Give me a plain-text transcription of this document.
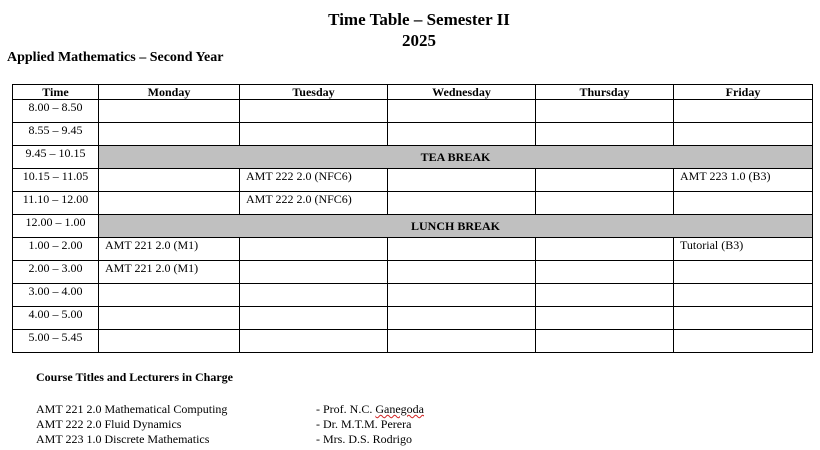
Time Table – Semester II
2025
Applied Mathematics – Second Year
Time	Monday	Tuesday	Wednesday	Thursday	Friday
8.00 – 8.50					
8.55 – 9.45					
9.45 – 10.15	TEA BREAK				
10.15 – 11.05		AMT 222 2.0 (NFC6)			AMT 223 1.0 (B3)
11.10 – 12.00		AMT 222 2.0 (NFC6)			
12.00 – 1.00	LUNCH BREAK				
1.00 – 2.00	AMT 221 2.0 (M1)				Tutorial (B3)
2.00 – 3.00	AMT 221 2.0 (M1)				
3.00 – 4.00					
4.00 – 5.00					
5.00 – 5.45					
Course Titles and Lecturers in Charge
AMT 221 2.0 Mathematical Computing	- Prof. N.C. Ganegoda
AMT 222 2.0 Fluid Dynamics	- Dr. M.T.M. Perera
AMT 223 1.0 Discrete Mathematics	- Mrs. D.S. Rodrigo
